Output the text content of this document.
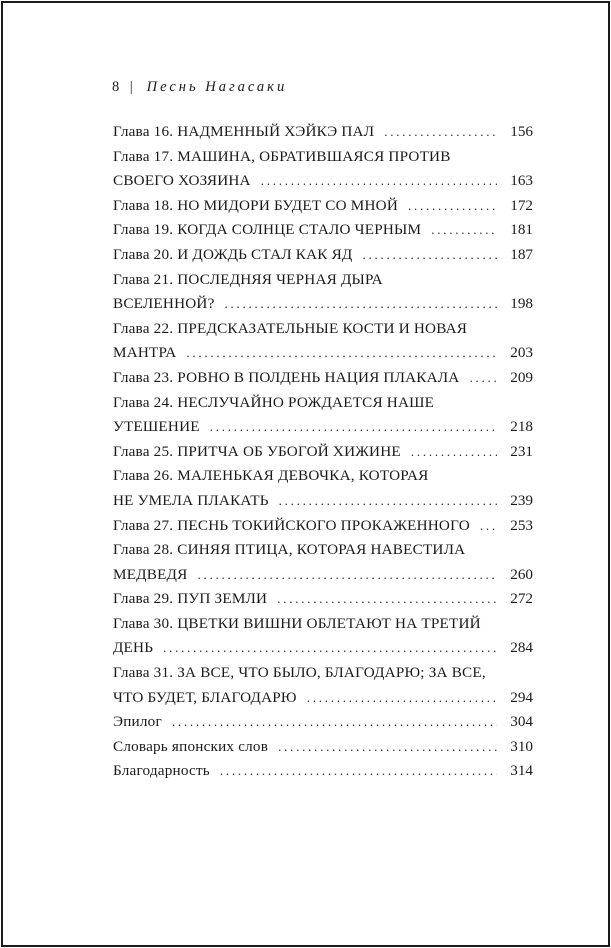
8 | Песнь Нагасаки
Глава 16. НАДМЕННЫЙ ХЭЙКЭ ПАЛ . . .	156
Глава 17. МАШИНА, ОБРАТИВШАЯСЯ ПРОТИВ
СВОЕГО ХОЗЯИНА . . .	163
Глава 18. НО МИДОРИ БУДЕТ СО МНОЙ . . .	172
Глава 19. КОГДА СОЛНЦЕ СТАЛО ЧЕРНЫМ . . .	181
Глава 20. И ДОЖДЬ СТАЛ КАК ЯД . . .	187
Глава 21. ПОСЛЕДНЯЯ ЧЕРНАЯ ДЫРА
ВСЕЛЕННОЙ? . . .	198
Глава 22. ПРЕДСКАЗАТЕЛЬНЫЕ КОСТИ И НОВАЯ
МАНТРА . . .	203
Глава 23. РОВНО В ПОЛДЕНЬ НАЦИЯ ПЛАКАЛА . . .	209
Глава 24. НЕСЛУЧАЙНО РОЖДАЕТСЯ НАШЕ
УТЕШЕНИЕ . . .	218
Глава 25. ПРИТЧА ОБ УБОГОЙ ХИЖИНЕ . . .	231
Глава 26. МАЛЕНЬКАЯ ДЕВОЧКА, КОТОРАЯ
НЕ УМЕЛА ПЛАКАТЬ . . .	239
Глава 27. ПЕСНЬ ТОКИЙСКОГО ПРОКАЖЕННОГО . . .	253
Глава 28. СИНЯЯ ПТИЦА, КОТОРАЯ НАВЕСТИЛА
МЕДВЕДЯ . . .	260
Глава 29. ПУП ЗЕМЛИ . . .	272
Глава 30. ЦВЕТКИ ВИШНИ ОБЛЕТАЮТ НА ТРЕТИЙ
ДЕНЬ . . .	284
Глава 31. ЗА ВСЕ, ЧТО БЫЛО, БЛАГОДАРЮ; ЗА ВСЕ,
ЧТО БУДЕТ, БЛАГОДАРЮ . . .	294
Эпилог . . .	304
Словарь японских слов . . .	310
Благодарность . . .	314
